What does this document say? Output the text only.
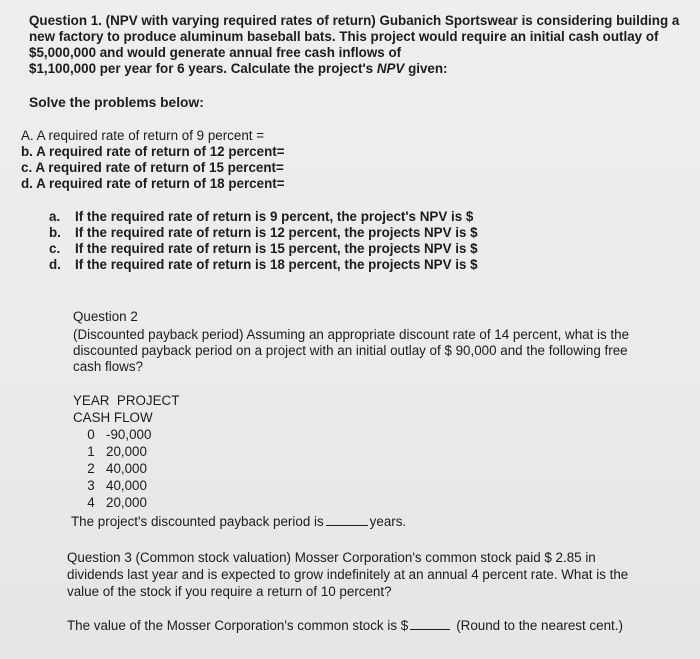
Question 1. (NPV with varying required rates of return) Gubanich Sportswear is considering building a
new factory to produce aluminum baseball bats. This project would require an initial cash outlay of
$5,000,000 and would generate annual free cash inflows of
$1,100,000 per year for 6 years. Calculate the project's NPV given:
Solve the problems below:
A. A required rate of return of 9 percent =
b. A required rate of return of 12 percent=
c. A required rate of return of 15 percent=
d. A required rate of return of 18 percent=
a. If the required rate of return is 9 percent, the project's NPV is $
b. If the required rate of return is 12 percent, the projects NPV is $
c. If the required rate of return is 15 percent, the projects NPV is $
d. If the required rate of return is 18 percent, the projects NPV is $
Question 2
(Discounted payback period) Assuming an appropriate discount rate of 14 percent, what is the
discounted payback period on a project with an initial outlay of $ 90,000 and the following free
cash flows?
YEAR  PROJECT
CASH FLOW
0 -90,000
1 20,000
2 40,000
3 40,000
4 20,000
The project's discounted payback period is	years.
Question 3 (Common stock valuation) Mosser Corporation's common stock paid $ 2.85 in
dividends last year and is expected to grow indefinitely at an annual 4 percent rate. What is the
value of the stock if you require a return of 10 percent?
The value of the Mosser Corporation's common stock is $	(Round to the nearest cent.)
